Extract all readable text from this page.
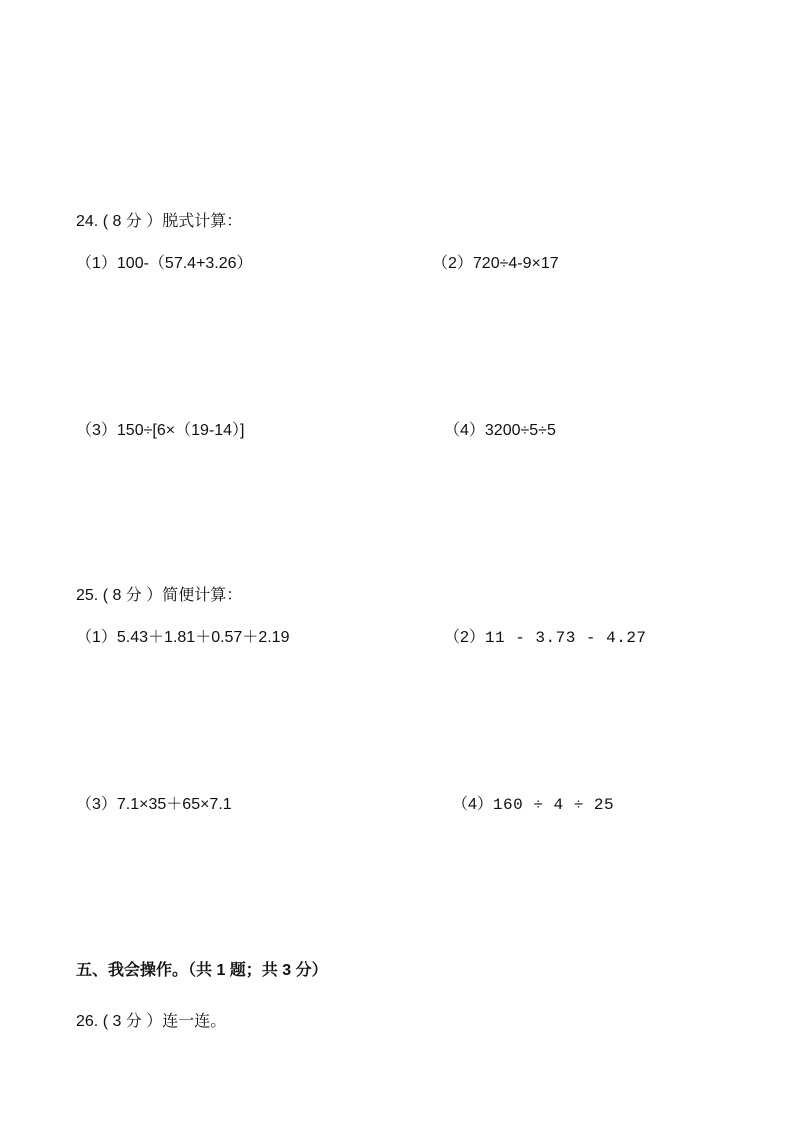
24. ( 8 分 ）脱式计算：
（1）100-（57.4+3.26）	（2）720÷4-9×17
（3）150÷[6×（19-14）]	（4）3200÷5÷5
25. ( 8 分 ）简便计算：
（1）5.43＋1.81＋0.57＋2.19	（2）11 - 3.73 - 4.27
（3）7.1×35＋65×7.1	（4）160 ÷ 4 ÷ 25
五、我会操作。（共 1 题；共 3 分）
26. ( 3 分 ）连一连。
